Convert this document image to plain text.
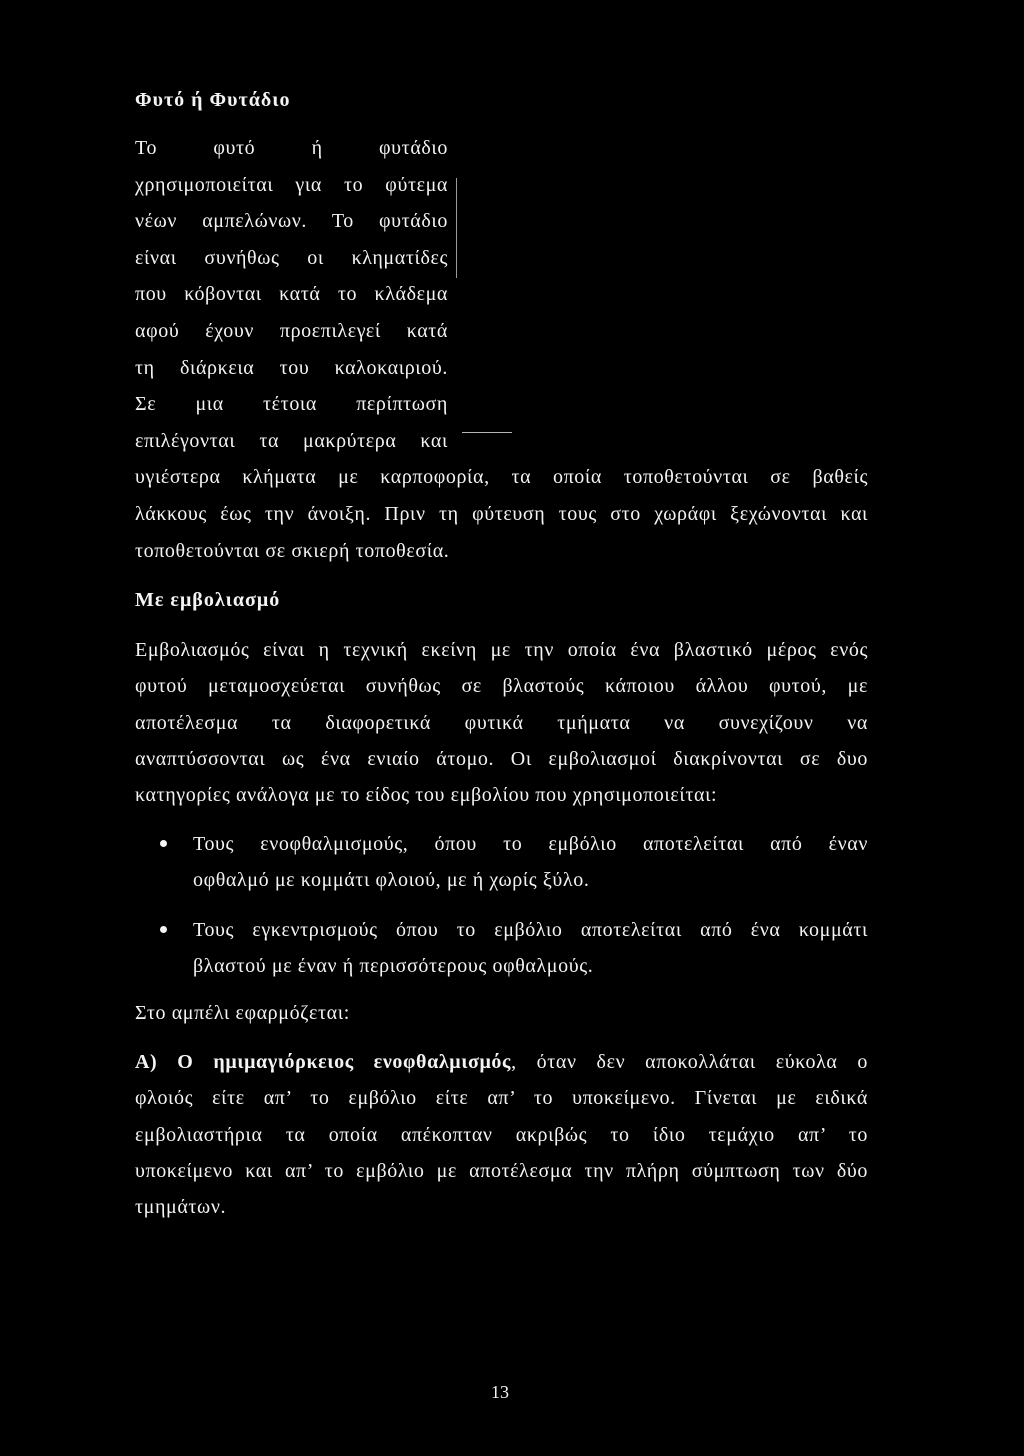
Φυτό ή Φυτάδιο
Το φυτό ή φυτάδιο
χρησιμοποιείται για το φύτεμα
νέων αμπελώνων. Το φυτάδιο
είναι συνήθως οι κληματίδες
που κόβονται κατά το κλάδεμα
αφού έχουν προεπιλεγεί κατά
τη διάρκεια του καλοκαιριού.
Σε μια τέτοια περίπτωση
επιλέγονται τα μακρύτερα και
υγιέστερα κλήματα με καρποφορία, τα οποία τοποθετούνται σε βαθείς
λάκκους έως την άνοιξη. Πριν τη φύτευση τους στο χωράφι ξεχώνονται και
τοποθετούνται σε σκιερή τοποθεσία.
Με εμβολιασμό
Εμβολιασμός είναι η τεχνική εκείνη με την οποία ένα βλαστικό μέρος ενός
φυτού μεταμοσχεύεται συνήθως σε βλαστούς κάποιου άλλου φυτού, με
αποτέλεσμα τα διαφορετικά φυτικά τμήματα να συνεχίζουν να
αναπτύσσονται ως ένα ενιαίο άτομο. Οι εμβολιασμοί διακρίνονται σε δυο
κατηγορίες ανάλογα με το είδος του εμβολίου που χρησιμοποιείται:
Τους ενοφθαλμισμούς, όπου το εμβόλιο αποτελείται από έναν
οφθαλμό με κομμάτι φλοιού, με ή χωρίς ξύλο.
Τους εγκεντρισμούς όπου το εμβόλιο αποτελείται από ένα κομμάτι
βλαστού με έναν ή περισσότερους οφθαλμούς.
Στο αμπέλι εφαρμόζεται:
Α) Ο ημιμαγιόρκειος ενοφθαλμισμός, όταν δεν αποκολλάται εύκολα ο
φλοιός είτε απ’ το εμβόλιο είτε απ’ το υποκείμενο. Γίνεται με ειδικά
εμβολιαστήρια τα οποία απέκοπταν ακριβώς το ίδιο τεμάχιο απ’ το
υποκείμενο και απ’ το εμβόλιο με αποτέλεσμα την πλήρη σύμπτωση των δύο
τμημάτων.
13
